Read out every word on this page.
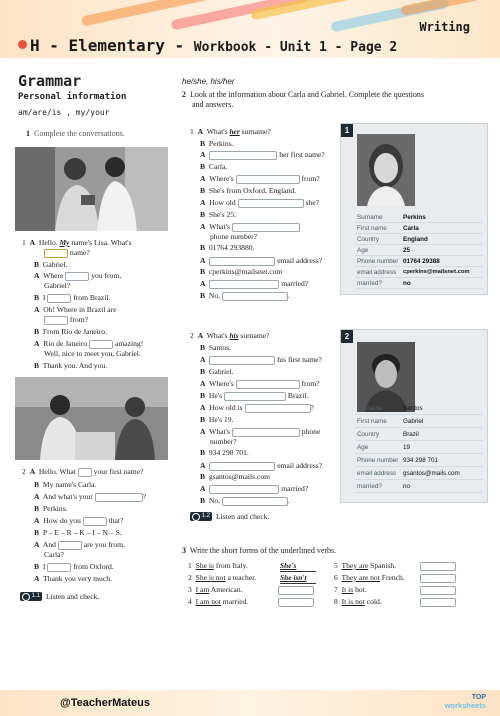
H - Elementary - Workbook - Unit 1 - Page 2
Writing
Grammar
Personal information
am/are/is , my/your
1 Complete the conversations.
1 A Hello. My name's Lisa. What's
name?
B Gabriel.
A Where	you from,
Gabriel?
B I	from Brazil.
A Oh! Where in Brazil are
from?
B From Rio de Janeiro.
A Rio de Janeiro	amazing!
Well, nice to meet you, Gabriel.
B Thank you. And you.
2 A Hello. What your first name?
B My name's Carla.
A And what's your	?
B Perkins.
A How do you	that?
B P – E – R – K – I – N – S.
A And	are you from,
Carla?
B I	from Oxford.
A Thank you very much.
1.1 Listen and check.
he/she, his/her
2 Look at the information about Carla and Gabriel. Complete the questions
and answers.
1 A What's her surname?
B Perkins.
A	her first name?
B Carla.
A Where's	from?
B She's from Oxford, England.
A How old	she?
B She's 25.
A What's
phone number?
B 01764 293880.
A	email address?
B cperkins@mailsnet.com
A	married?
B No,	.
1
Surname	Perkins
First name	Carla
Country	England
Age	25
Phone number 01764 29388
email address	cperkins@mailsnet.com
married?	no
2 A What's his surname?
B Santos.
A	his first name?
B Gabriel.
A Where's	from?
B He's	Brazil.
A How old is	?
B He's 19.
A What's	phone
number?
B 934 298 701.
A	email address?
B gsantos@mails.com
A	married?
B No,	.
1.2 Listen and check.
2
Surname	Santos
First name	Gabriel
Country	Brazil
Age	19
Phone number 934 298 701
email address	gsantos@mails.com
married?	no
3 Write the short forms of the underlined verbs.
1 She is from Italy.	She's
2 She is not a teacher.	She isn't
3 I am American.
4 I am not married.
5 They are Spanish.
6 They are not French.
7 It is hot.
8 It is not cold.
@TeacherMateus	TOP
worksheets
